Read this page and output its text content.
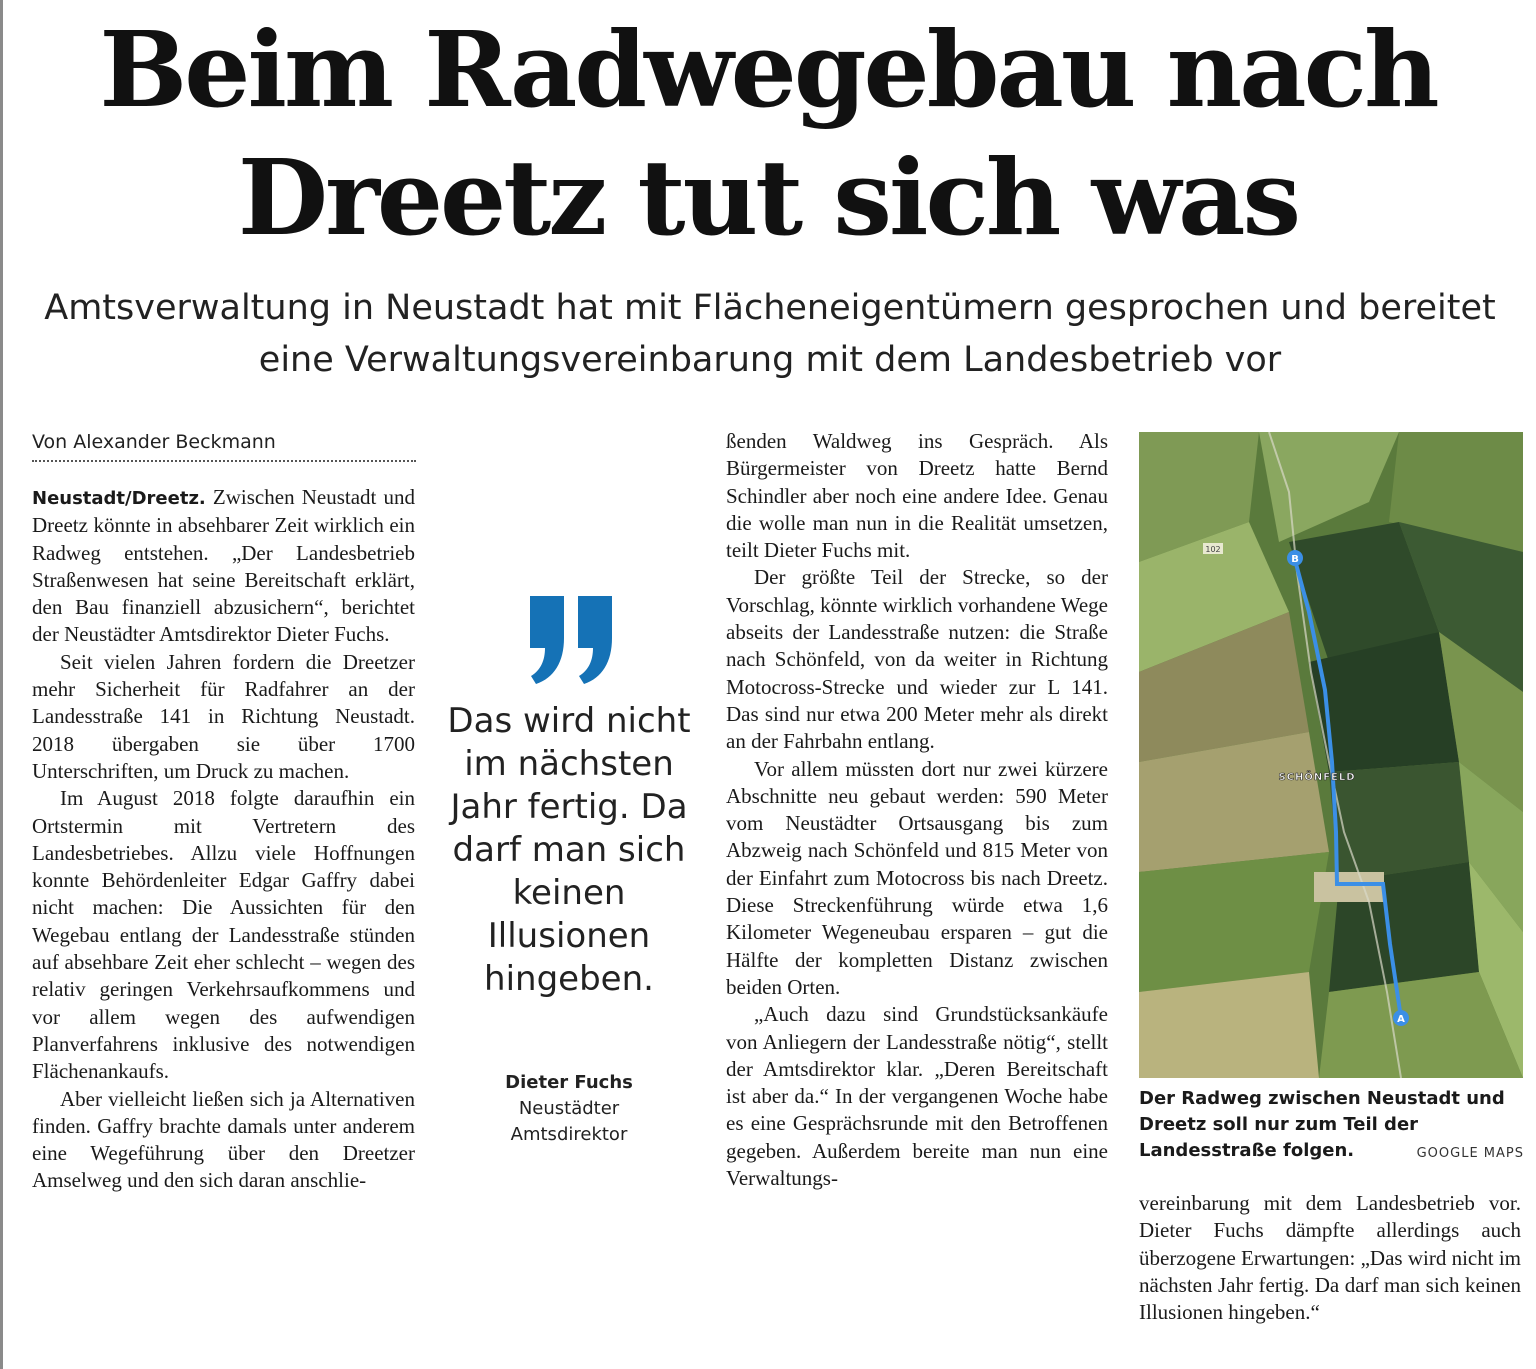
Beim Radwegebau nach Dreetz tut sich was
Amtsverwaltung in Neustadt hat mit Flächeneigentümern gesprochen und bereitet eine Verwaltungsvereinbarung mit dem Landesbetrieb vor
Von Alexander Beckmann

Neustadt/Dreetz. Zwischen Neustadt und Dreetz könnte in absehbarer Zeit wirklich ein Radweg entstehen. „Der Landesbetrieb Straßenwesen hat seine Bereitschaft erklärt, den Bau finanziell abzusichern“, berichtet der Neustädter Amtsdirektor Dieter Fuchs.

Seit vielen Jahren fordern die Dreetzer mehr Sicherheit für Radfahrer an der Landesstraße 141 in Richtung Neustadt. 2018 übergaben sie über 1700 Unterschriften, um Druck zu machen.

Im August 2018 folgte daraufhin ein Ortstermin mit Vertretern des Landesbetriebes. Allzu viele Hoffnungen konnte Behördenleiter Edgar Gaffry dabei nicht machen: Die Aussichten für den Wegebau entlang der Landesstraße stünden auf absehbare Zeit eher schlecht – wegen des relativ geringen Verkehrsaufkommens und vor allem wegen des aufwendigen Planverfahrens inklusive des notwendigen Flächenankaufs.

Aber vielleicht ließen sich ja Alternativen finden. Gaffry brachte damals unter anderem eine Wegeführung über den Dreetzer Amselweg und den sich daran anschlie-

Das wird nicht im nächsten Jahr fertig. Da darf man sich keinen Illusionen hingeben.
Dieter Fuchs
Neustädter
Amtsdirektor

ßenden Waldweg ins Gespräch. Als Bürgermeister von Dreetz hatte Bernd Schindler aber noch eine andere Idee. Genau die wolle man nun in die Realität umsetzen, teilt Dieter Fuchs mit.

Der größte Teil der Strecke, so der Vorschlag, könnte wirklich vorhandene Wege abseits der Landesstraße nutzen: die Straße nach Schönfeld, von da weiter in Richtung Motocross-Strecke und wieder zur L 141. Das sind nur etwa 200 Meter mehr als direkt an der Fahrbahn entlang.

Vor allem müssten dort nur zwei kürzere Abschnitte neu gebaut werden: 590 Meter vom Neustädter Ortsausgang bis zum Abzweig nach Schönfeld und 815 Meter von der Einfahrt zum Motocross bis nach Dreetz. Diese Streckenführung würde etwa 1,6 Kilometer Wegeneubau ersparen – gut die Hälfte der kompletten Distanz zwischen beiden Orten.

„Auch dazu sind Grundstücksankäufe von Anliegern der Landesstraße nötig“, stellt der Amtsdirektor klar. „Deren Bereitschaft ist aber da.“ In der vergangenen Woche habe es eine Gesprächsrunde mit den Betroffenen gegeben. Außerdem bereite man nun eine Verwaltungs-

102
B
A
SCHÖNFELD
Der Radweg zwischen Neustadt und Dreetz soll nur zum Teil der Landesstraße folgen.	GOOGLE MAPS

vereinbarung mit dem Landesbetrieb vor. Dieter Fuchs dämpfte allerdings auch überzogene Erwartungen: „Das wird nicht im nächsten Jahr fertig. Da darf man sich keinen Illusionen hingeben.“
